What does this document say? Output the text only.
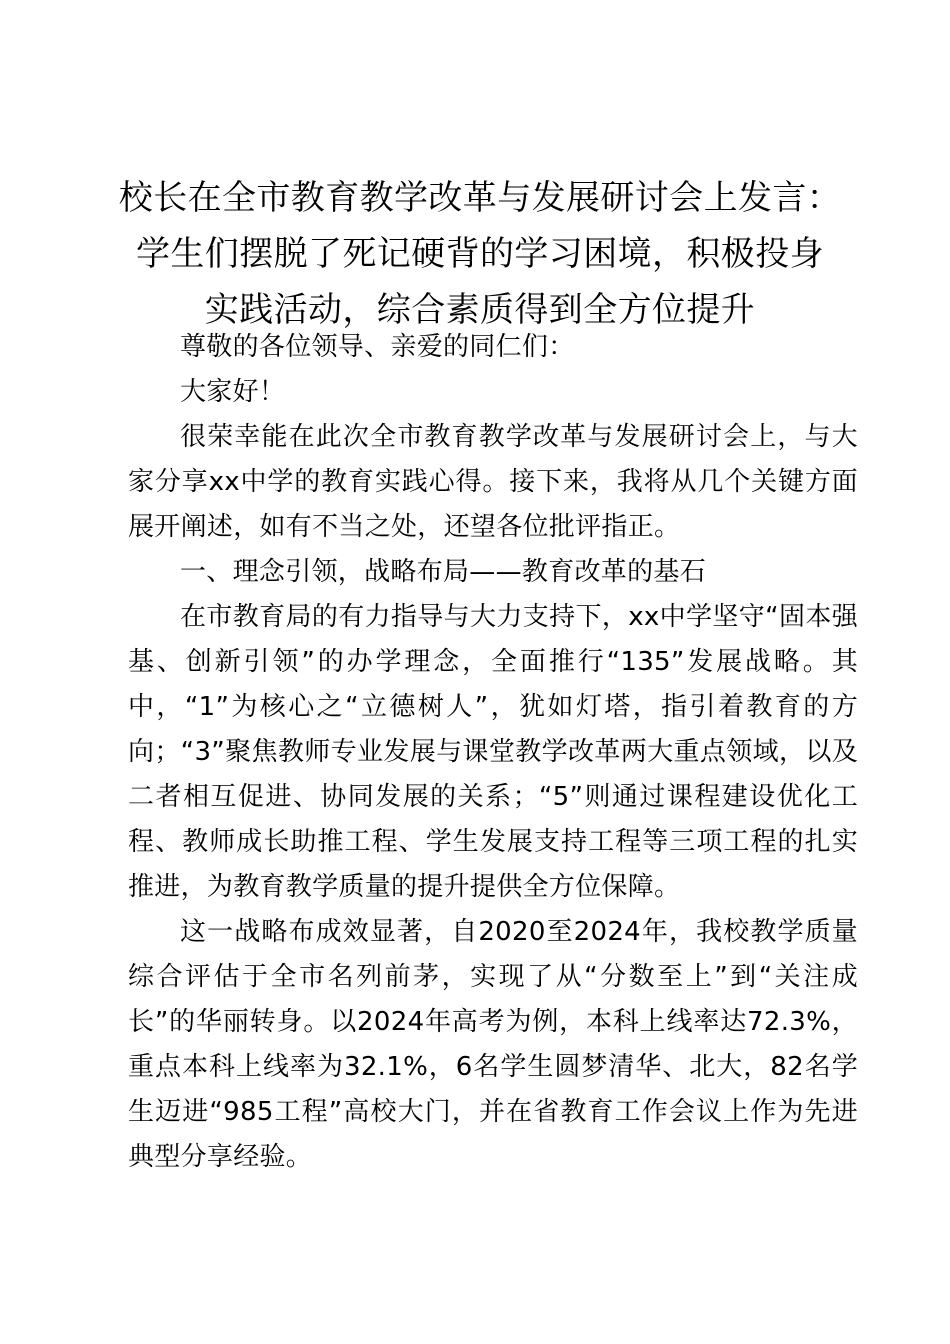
校长在全市教育教学改革与发展研讨会上发言：
学生们摆脱了死记硬背的学习困境，积极投身
实践活动，综合素质得到全方位提升

尊敬的各位领导、亲爱的同仁们：

大家好！

很荣幸能在此次全市教育教学改革与发展研讨会上，与大家分享xx中学的教育实践心得。接下来，我将从几个关键方面展开阐述，如有不当之处，还望各位批评指正。

一、理念引领，战略布局——教育改革的基石

在市教育局的有力指导与大力支持下，xx中学坚守“固本强基、创新引领”的办学理念，全面推行“135”发展战略。其中，“1”为核心之“立德树人”，犹如灯塔，指引着教育的方向；“3”聚焦教师专业发展与课堂教学改革两大重点领域，以及二者相互促进、协同发展的关系；“5”则通过课程建设优化工程、教师成长助推工程、学生发展支持工程等三项工程的扎实推进，为教育教学质量的提升提供全方位保障。

这一战略布成效显著，自2020至2024年，我校教学质量综合评估于全市名列前茅，实现了从“分数至上”到“关注成长”的华丽转身。以2024年高考为例，本科上线率达72.3%，重点本科上线率为32.1%，6名学生圆梦清华、北大，82名学生迈进“985工程”高校大门，并在省教育工作会议上作为先进典型分享经验。
